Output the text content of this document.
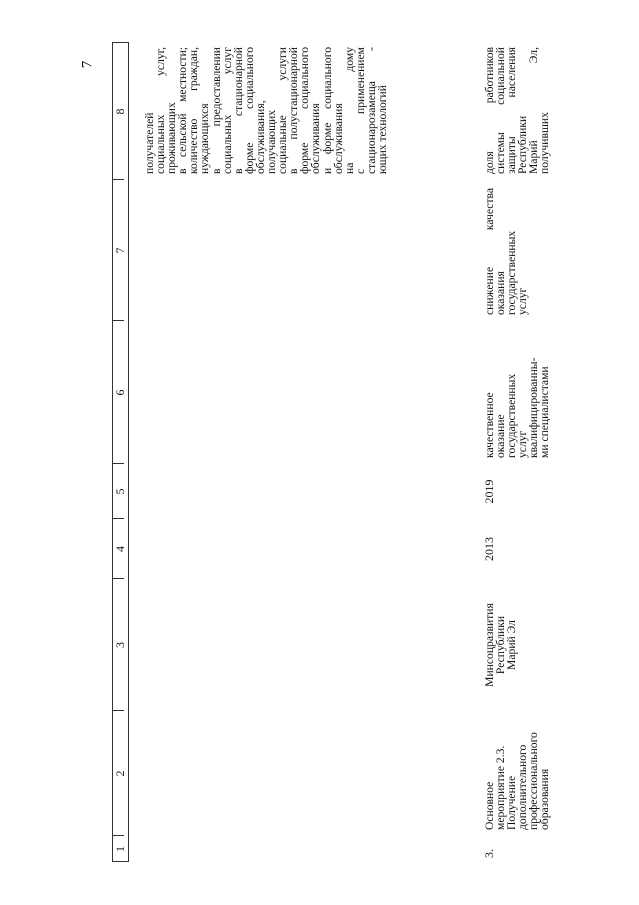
7
1
2
3
4
5
6
7
8
получателей
социальных услуг,
проживающих
в сельской местности;
количество граждан,
нуждающихся
в предоставлении
социальных услуг
в стационарной
форме социального
обслуживания,
получающих
социальные услуги
в полустационарной
форме социального
обслуживания
и форме социального
обслуживания
на дому
с применением
стационарозамеща -
ющих технологий
3.
Основное
мероприятие 2.3.
Получение
дополнительного
профессионального
образования
Минсоцразвития
Республики
Марий Эл
2013
2019
качественное
оказание
государственных
услуг
квалифицированны-
ми специалистами
снижение качества
оказания
государственных
услуг
доля работников
системы социальной
защиты населения
Республики
Марий Эл,
получивших
